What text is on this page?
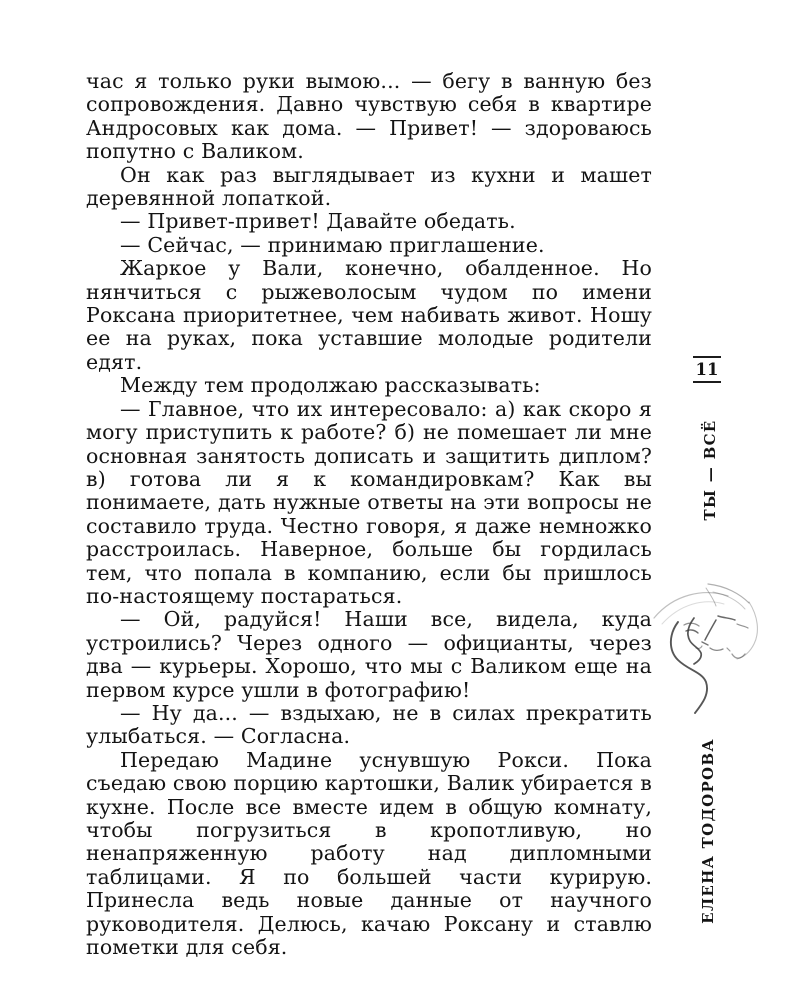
час я только руки вымою... — бегу в ванную без сопровождения. Давно чувствую себя в квартире Андросовых как дома. — Привет! — здороваюсь попутно с Валиком.

Он как раз выглядывает из кухни и машет деревянной лопаткой.

— Привет-привет! Давайте обедать.

— Сейчас, — принимаю приглашение.

Жаркое у Вали, конечно, обалденное. Но нянчиться с рыжеволосым чудом по имени Роксана приоритетнее, чем набивать живот. Ношу ее на руках, пока уставшие молодые родители едят.

Между тем продолжаю рассказывать:

— Главное, что их интересовало: а) как скоро я могу приступить к работе? б) не помешает ли мне основная занятость дописать и защитить диплом? в) готова ли я к командировкам? Как вы понимаете, дать нужные ответы на эти вопросы не составило труда. Честно говоря, я даже немножко расстроилась. Наверное, больше бы гордилась тем, что попала в компанию, если бы пришлось по-настоящему постараться.

— Ой, радуйся! Наши все, видела, куда устроились? Через одного — официанты, через два — курьеры. Хорошо, что мы с Валиком еще на первом курсе ушли в фотографию!

— Ну да... — вздыхаю, не в силах прекратить улыбаться. — Согласна.

Передаю Мадине уснувшую Рокси. Пока съедаю свою порцию картошки, Валик убирается в кухне. После все вместе идем в общую комнату, чтобы погрузиться в кропотливую, но ненапряженную работу над дипломными таблицами. Я по большей части курирую. Принесла ведь новые данные от научного руководителя. Делюсь, качаю Роксану и ставлю пометки для себя.

11
ТЫ — ВСЁ
ЕЛЕНА ТОДОРОВА
